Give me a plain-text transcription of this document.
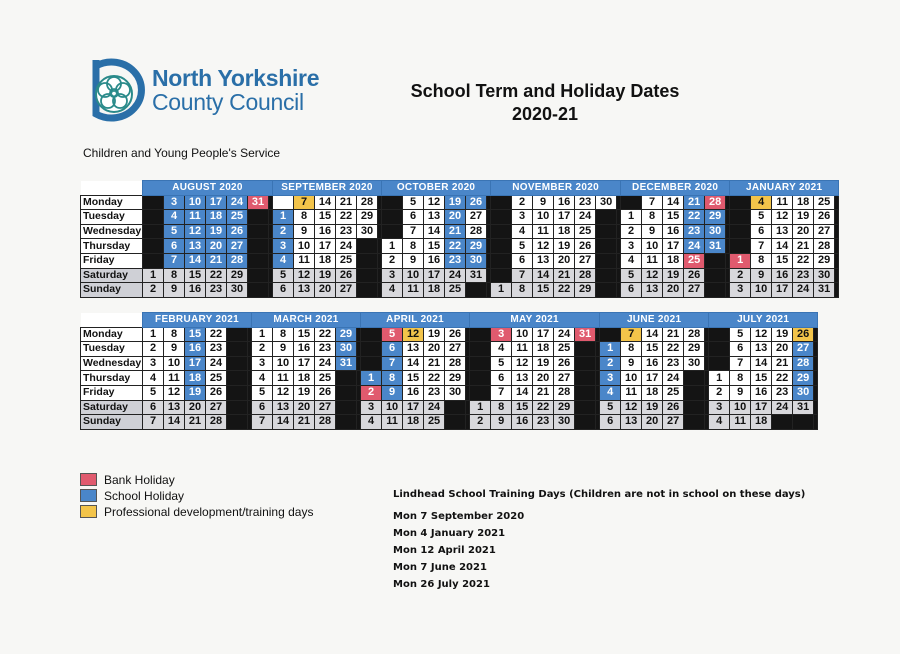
North Yorkshire
County Council	School Term and Holiday Dates
2020-21
Children and Young People's Service
	AUGUST 2020							SEPTEMBER 2020						OCTOBER 2020						NOVEMBER 2020							DECEMBER 2020						JANUARY 2021					
Monday		3	10	17	24	31			7	14	21	28			5	12	19	26			2	9	16	23	30			7	14	21	28			4	11	18	25	
Tuesday		4	11	18	25			1	8	15	22	29			6	13	20	27			3	10	17	24			1	8	15	22	29			5	12	19	26	
Wednesday		5	12	19	26			2	9	16	23	30			7	14	21	28			4	11	18	25			2	9	16	23	30			6	13	20	27	
Thursday		6	13	20	27			3	10	17	24			1	8	15	22	29			5	12	19	26			3	10	17	24	31			7	14	21	28	
Friday		7	14	21	28			4	11	18	25			2	9	16	23	30			6	13	20	27			4	11	18	25			1	8	15	22	29	
Saturday	1	8	15	22	29			5	12	19	26			3	10	17	24	31			7	14	21	28			5	12	19	26			2	9	16	23	30	
Sunday	2	9	16	23	30			6	13	20	27			4	11	18	25			1	8	15	22	29			6	13	20	27			3	10	17	24	31	
	FEBRUARY 2021						MARCH 2021						APRIL 2021						MAY 2021							JUNE 2021						JULY 2021					
Monday	1	8	15	22			1	8	15	22	29			5	12	19	26			3	10	17	24	31			7	14	21	28			5	12	19	26	
Tuesday	2	9	16	23			2	9	16	23	30			6	13	20	27			4	11	18	25			1	8	15	22	29			6	13	20	27	
Wednesday	3	10	17	24			3	10	17	24	31			7	14	21	28			5	12	19	26			2	9	16	23	30			7	14	21	28	
Thursday	4	11	18	25			4	11	18	25			1	8	15	22	29			6	13	20	27			3	10	17	24			1	8	15	22	29	
Friday	5	12	19	26			5	12	19	26			2	9	16	23	30			7	14	21	28			4	11	18	25			2	9	16	23	30	
Saturday	6	13	20	27			6	13	20	27			3	10	17	24			1	8	15	22	29			5	12	19	26			3	10	17	24	31	
Sunday	7	14	21	28			7	14	21	28			4	11	18	25			2	9	16	23	30			6	13	20	27			4	11	18			
Bank Holiday
School Holiday
Professional development/training days
Lindhead School Training Days (Children are not in school on these days)
Mon 7 September 2020
Mon 4 January 2021
Mon 12 April 2021
Mon 7 June 2021
Mon 26 July 2021
